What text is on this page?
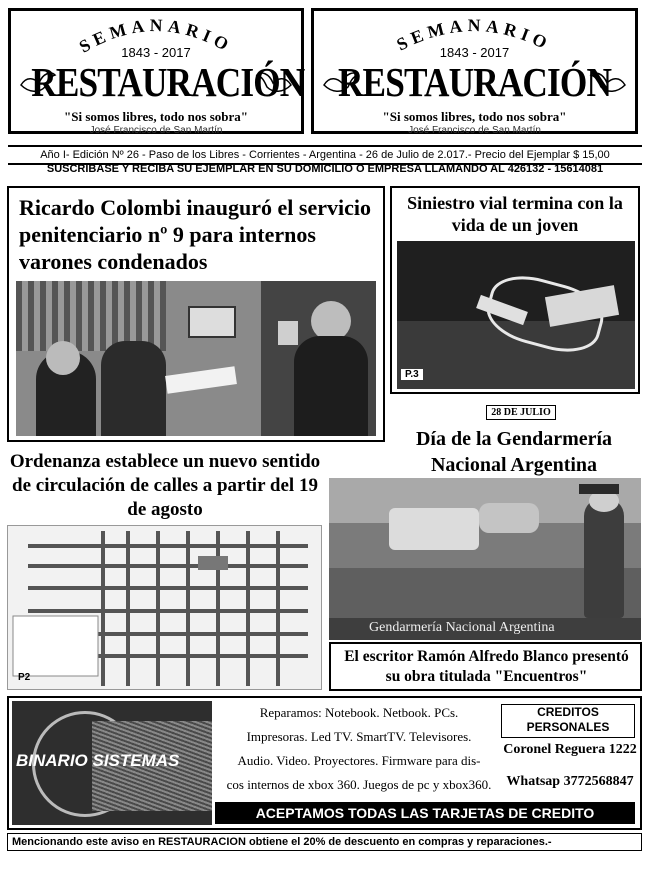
SEMANARIO
1843 - 2017
RESTAURACIÓN
"Si somos libres, todo nos sobra"
José Francisco de San Martín
SEMANARIO
1843 - 2017
RESTAURACIÓN
"Si somos libres, todo nos sobra"
José Francisco de San Martín
Año I- Edición Nº 26 - Paso de los Libres - Corrientes - Argentina - 26 de Julio de 2.017.- Precio del Ejemplar $ 15,00
SUSCRIBASE Y RECIBA SU EJEMPLAR EN SU DOMICILIO O EMPRESA LLAMANDO AL 426132 - 15614081
Ricardo Colombi inauguró el servicio penitenciario nº 9 para internos varones condenados
Siniestro vial termina con la vida de un joven
P.3
28 DE JULIO
Día de la Gendarmería Nacional Argentina
Gendarmería Nacional Argentina
Ordenanza establece un nuevo sentido de circulación de calles a partir del 19 de agosto
P2
El escritor Ramón Alfredo Blanco presentó su obra titulada "Encuentros"
BINARIO SISTEMAS
Reparamos: Notebook. Netbook. PCs.
Impresoras. Led TV. SmartTV. Televisores.
Audio. Video. Proyectores. Firmware para dis-
cos internos de xbox 360. Juegos de pc y xbox360.
CREDITOS
PERSONALES
Coronel Reguera 1222
Whatsap 3772568847
ACEPTAMOS TODAS LAS TARJETAS DE CREDITO
Mencionando este aviso en RESTAURACION obtiene el 20% de descuento en compras y reparaciones.-
